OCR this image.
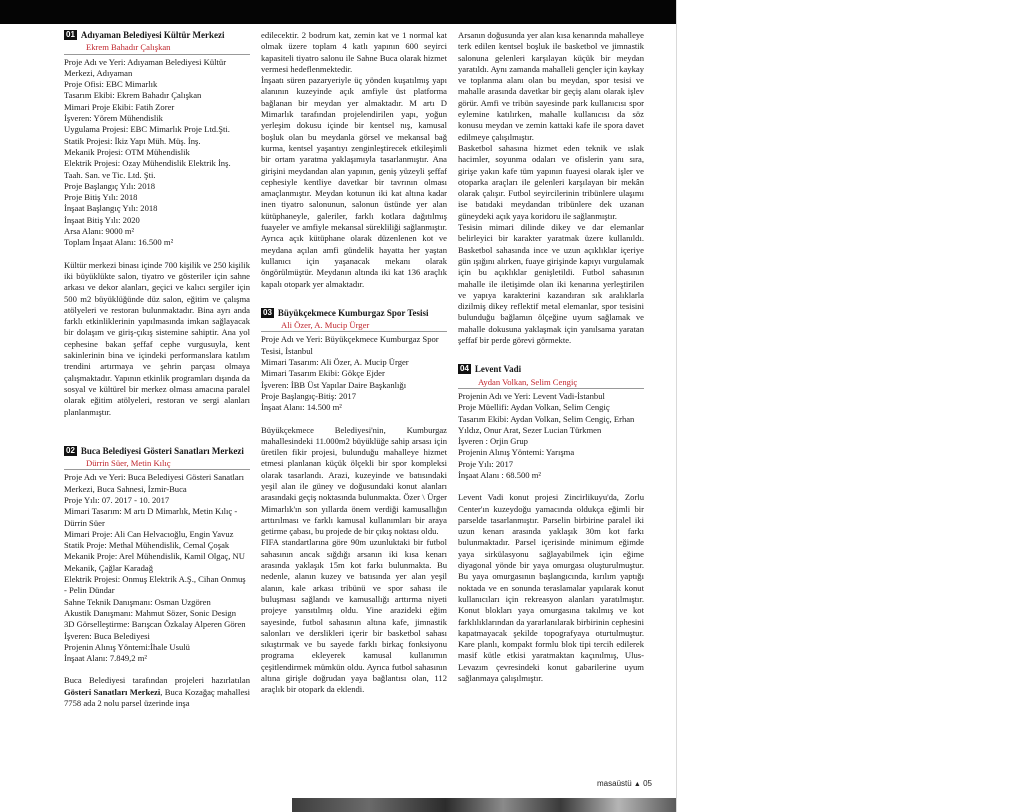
01 Adıyaman Belediyesi Kültür Merkezi
Ekrem Bahadır Çalışkan

Proje Adı ve Yeri: Adıyaman Belediyesi Kültür Merkezi, Adıyaman

Proje Ofisi: EBC Mimarlık

Tasarım Ekibi: Ekrem Bahadır Çalışkan

Mimari Proje Ekibi: Fatih Zorer

İşveren: Yörem Mühendislik

Uygulama Projesi: EBC Mimarlık Proje Ltd.Şti.

Statik Projesi: İkiz Yapı Müh. Müş. İnş.

Mekanik Projesi: OTM Mühendislik

Elektrik Projesi: Ozay Mühendislik Elektrik İnş. Taah. San. ve Tic. Ltd. Şti.

Proje Başlangıç Yılı: 2018

Proje Bitiş Yılı: 2018

İnşaat Başlangıç Yılı: 2018

İnşaat Bitiş Yılı: 2020

Arsa Alanı: 9000 m²

Toplam İnşaat Alanı: 16.500 m²

Kültür merkezi binası içinde 700 kişilik ve 250 kişilik iki büyüklükte salon, tiyatro ve gösteriler için sahne arkası ve dekor alanları, geçici ve kalıcı sergiler için 500 m2 büyüklüğünde düz salon, eğitim ve çalışma atölyeleri ve restoran bulunmaktadır. Bina ayrı anda farklı etkinliklerinin yapılmasında imkan sağlayacak bir dolaşım ve giriş-çıkış sistemine sahiptir. Ana yol cephesine bakan şeffaf cephe vurgusuyla, kent sakinlerinin bina ve içindeki performanslara katılım trendini artırmaya ve şehrin parçası olmaya çalışmaktadır. Yapının etkinlik programları dışında da sosyal ve kültürel bir merkez olması amacına paralel olarak eğitim atölyeleri, restoran ve sergi alanları planlanmıştır.

02 Buca Belediyesi Gösteri Sanatları Merkezi
Dürrin Süer, Metin Kılıç

Proje Adı ve Yeri: Buca Belediyesi Gösteri Sanatları Merkezi, Buca Sahnesi, İzmir-Buca

Proje Yılı: 07. 2017 - 10. 2017

Mimari Tasarım: M artı D Mimarlık, Metin Kılıç - Dürrin Süer

Mimari Proje: Ali Can Helvacıoğlu, Engin Yavuz

Statik Proje: Methal Mühendislik, Cemal Çoşak

Mekanik Proje: Arel Mühendislik, Kamil Olgaç, NU Mekanik, Çağlar Karadağ

Elektrik Projesi: Onmuş Elektrik A.Ş., Cihan Onmuş - Pelin Dündar

Sahne Teknik Danışmanı: Osman Uzgören

Akustik Danışmanı: Mahmut Sözer, Sonic Design

3D Görselleştirme: Barışcan Özkalay Alperen Gören

İşveren: Buca Belediyesi

Projenin Alınış Yöntemi:İhale Usulü

İnşaat Alanı: 7.849,2 m²

Buca Belediyesi tarafından projeleri hazırlatılan Gösteri Sanatları Merkezi, Buca Kozağaç mahallesi 7758 ada 2 nolu parsel üzerinde inşa

edilecektir. 2 bodrum kat, zemin kat ve 1 normal kat olmak üzere toplam 4 katlı yapının 600 seyirci kapasiteli tiyatro salonu ile Sahne Buca olarak hizmet vermesi hedeflenmektedir.

İnşaatı süren pazaryeriyle üç yönden kuşatılmış yapı alanının kuzeyinde açık amfiyle üst platforma bağlanan bir meydan yer almaktadır. M artı D Mimarlık tarafından projelendirilen yapı, yoğun yerleşim dokusu içinde bir kentsel nış, kamusal boşluk olan bu meydanla görsel ve mekansal bağ kurma, kentsel yaşantıyı zenginleştirecek etkileşimli bir ortam yaratma yaklaşımıyla tasarlanmıştır. Ana girişini meydandan alan yapının, geniş yüzeyli şeffaf cephesiyle kentliye davetkar bir tavrının olması amaçlanmıştır. Meydan kotunun iki kat altına kadar inen tiyatro salonunun, salonun üstünde yer alan kütüphaneyle, galeriler, farklı kotlara dağıtılmış fuayeler ve amfiyle mekansal sürekliliği sağlanmıştır. Ayrıca açık kütüphane olarak düzenlenen kot ve meydana açılan amfi gündelik hayatta her yaştan kullanıcı için yaşanacak mekanı olarak öngörülmüştür. Meydanın altında iki kat 136 araçlık kapalı otopark yer almaktadır.

03 Büyükçekmece Kumburgaz Spor Tesisi
Ali Özer, A. Mucip Ürger

Proje Adı ve Yeri: Büyükçekmece Kumburgaz Spor Tesisi, İstanbul

Mimari Tasarım: Ali Özer, A. Mucip Ürger

Mimari Tasarım Ekibi: Gökçe Ejder

İşveren: İBB Üst Yapılar Daire Başkanlığı

Proje Başlangıç-Bitiş: 2017

İnşaat Alanı: 14.500 m²

Büyükçekmece Belediyesi'nin, Kumburgaz mahallesindeki 11.000m2 büyüklüğe sahip arsası için üretilen fikir projesi, bulunduğu mahalleye hizmet etmesi planlanan küçük ölçekli bir spor kompleksi olarak tasarlandı. Arazi, kuzeyinde ve batısındaki yeşil alan ile güney ve doğusundaki konut alanları arasındaki geçiş noktasında bulunmakta. Özer \ Ürger Mimarlık'ın son yıllarda önem verdiği kamusallığın arttırılması ve farklı kamusal kullanımları bir araya getirme çabası, bu projede de bir çıkış noktası oldu.

FIFA standartlarına göre 90m uzunluktaki bir futbol sahasının ancak sığdığı arsanın iki kısa kenarı arasında yaklaşık 15m kot farkı bulunmakta. Bu nedenle, alanın kuzey ve batısında yer alan yeşil alanın, kale arkası tribünü ve spor sahası ile buluşması sağlandı ve kamusallığı arttırma niyeti projeye yansıtılmış oldu. Yine arazideki eğim sayesinde, futbol sahasının altına kafe, jimnastik salonları ve derslikleri içerir bir basketbol sahası sıkıştırmak ve bu sayede farklı birkaç fonksiyonu programa ekleyerek kamusal kullanımın çeşitlendirmek mümkün oldu. Ayrıca futbol sahasının altına girişle doğrudan yaya bağlantısı olan, 112 araçlık bir otopark da eklendi.

Arsanın doğusunda yer alan kısa kenarında mahalleye terk edilen kentsel boşluk ile basketbol ve jimnastik salonuna gelenleri karşılayan küçük bir meydan yaratıldı. Aynı zamanda mahalleli gençler için kaykay ve toplanma alanı olan bu meydan, spor tesisi ve mahalle arasında davetkar bir geçiş alanı olarak işlev görür. Amfi ve tribün sayesinde park kullanıcısı spor eylemine katılırken, mahalle kullanıcısı da söz konusu meydan ve zemin kattaki kafe ile spora davet edilmeye çalışılmıştır.

Basketbol sahasına hizmet eden teknik ve ıslak hacimler, soyunma odaları ve ofislerin yanı sıra, girişe yakın kafe tüm yapının fuayesi olarak işler ve otoparka araçları ile gelenleri karşılayan bir mekân olarak çalışır. Futbol seyircilerinin tribünlere ulaşımı ise batıdaki meydandan tribünlere dek uzanan güneydeki açık yaya koridoru ile sağlanmıştır.

Tesisin mimari dilinde dikey ve dar elemanlar belirleyici bir karakter yaratmak üzere kullanıldı. Basketbol sahasında ince ve uzun açıklıklar içeriye gün ışığını alırken, fuaye girişinde kapıyı vurgulamak için bu açıklıklar genişletildi. Futbol sahasının mahalle ile iletişimde olan iki kenarına yerleştirilen ve yapıya karakterini kazandıran sık aralıklarla dizilmiş dikey reflektif metal elemanlar, spor tesisini bulunduğu bağlamın ölçeğine uyum sağlamak ve mahalle dokusuna yaklaşmak için yanılsama yaratan şeffaf bir perde görevi görmekte.

04 Levent Vadi
Aydan Volkan, Selim Cengiç

Projenin Adı ve Yeri: Levent Vadi-İstanbul

Proje Müellifi: Aydan Volkan, Selim Cengiç

Tasarım Ekibi: Aydan Volkan, Selim Cengiç, Erhan Yıldız, Onur Arat, Sezer Lucian Türkmen

İşveren : Orjin Grup

Projenin Alınış Yöntemi: Yarışma

Proje Yılı: 2017

İnşaat Alanı : 68.500 m²

Levent Vadi konut projesi Zincirlikuyu'da, Zorlu Center'ın kuzeydoğu yamacında oldukça eğimli bir parselde tasarlanmıştır. Parselin birbirine paralel iki uzun kenarı arasında yaklaşık 30m kot farkı bulunmaktadır. Parsel içerisinde minimum eğimde yaya sirkülasyonu sağlayabilmek için eğime diyagonal yönde bir yaya omurgası oluşturulmuştur. Bu yaya omurgasının başlangıcında, kırılım yaptığı noktada ve en sonunda teraslamalar yapılarak konut kullanıcıları için rekreasyon alanları yaratılmıştır. Konut blokları yaya omurgasına takılmış ve kot farklılıklarından da yararlanılarak birbirinin cephesini kapatmayacak şekilde topografyaya oturtulmuştur. Kare planlı, kompakt formlu blok tipi tercih edilerek masif kütle etkisi yaratmaktan kaçınılmış, Ulus-Levazım çevresindeki konut gabarilerine uyum sağlanmaya çalışılmıştır.

masaüstü ▲ 05
